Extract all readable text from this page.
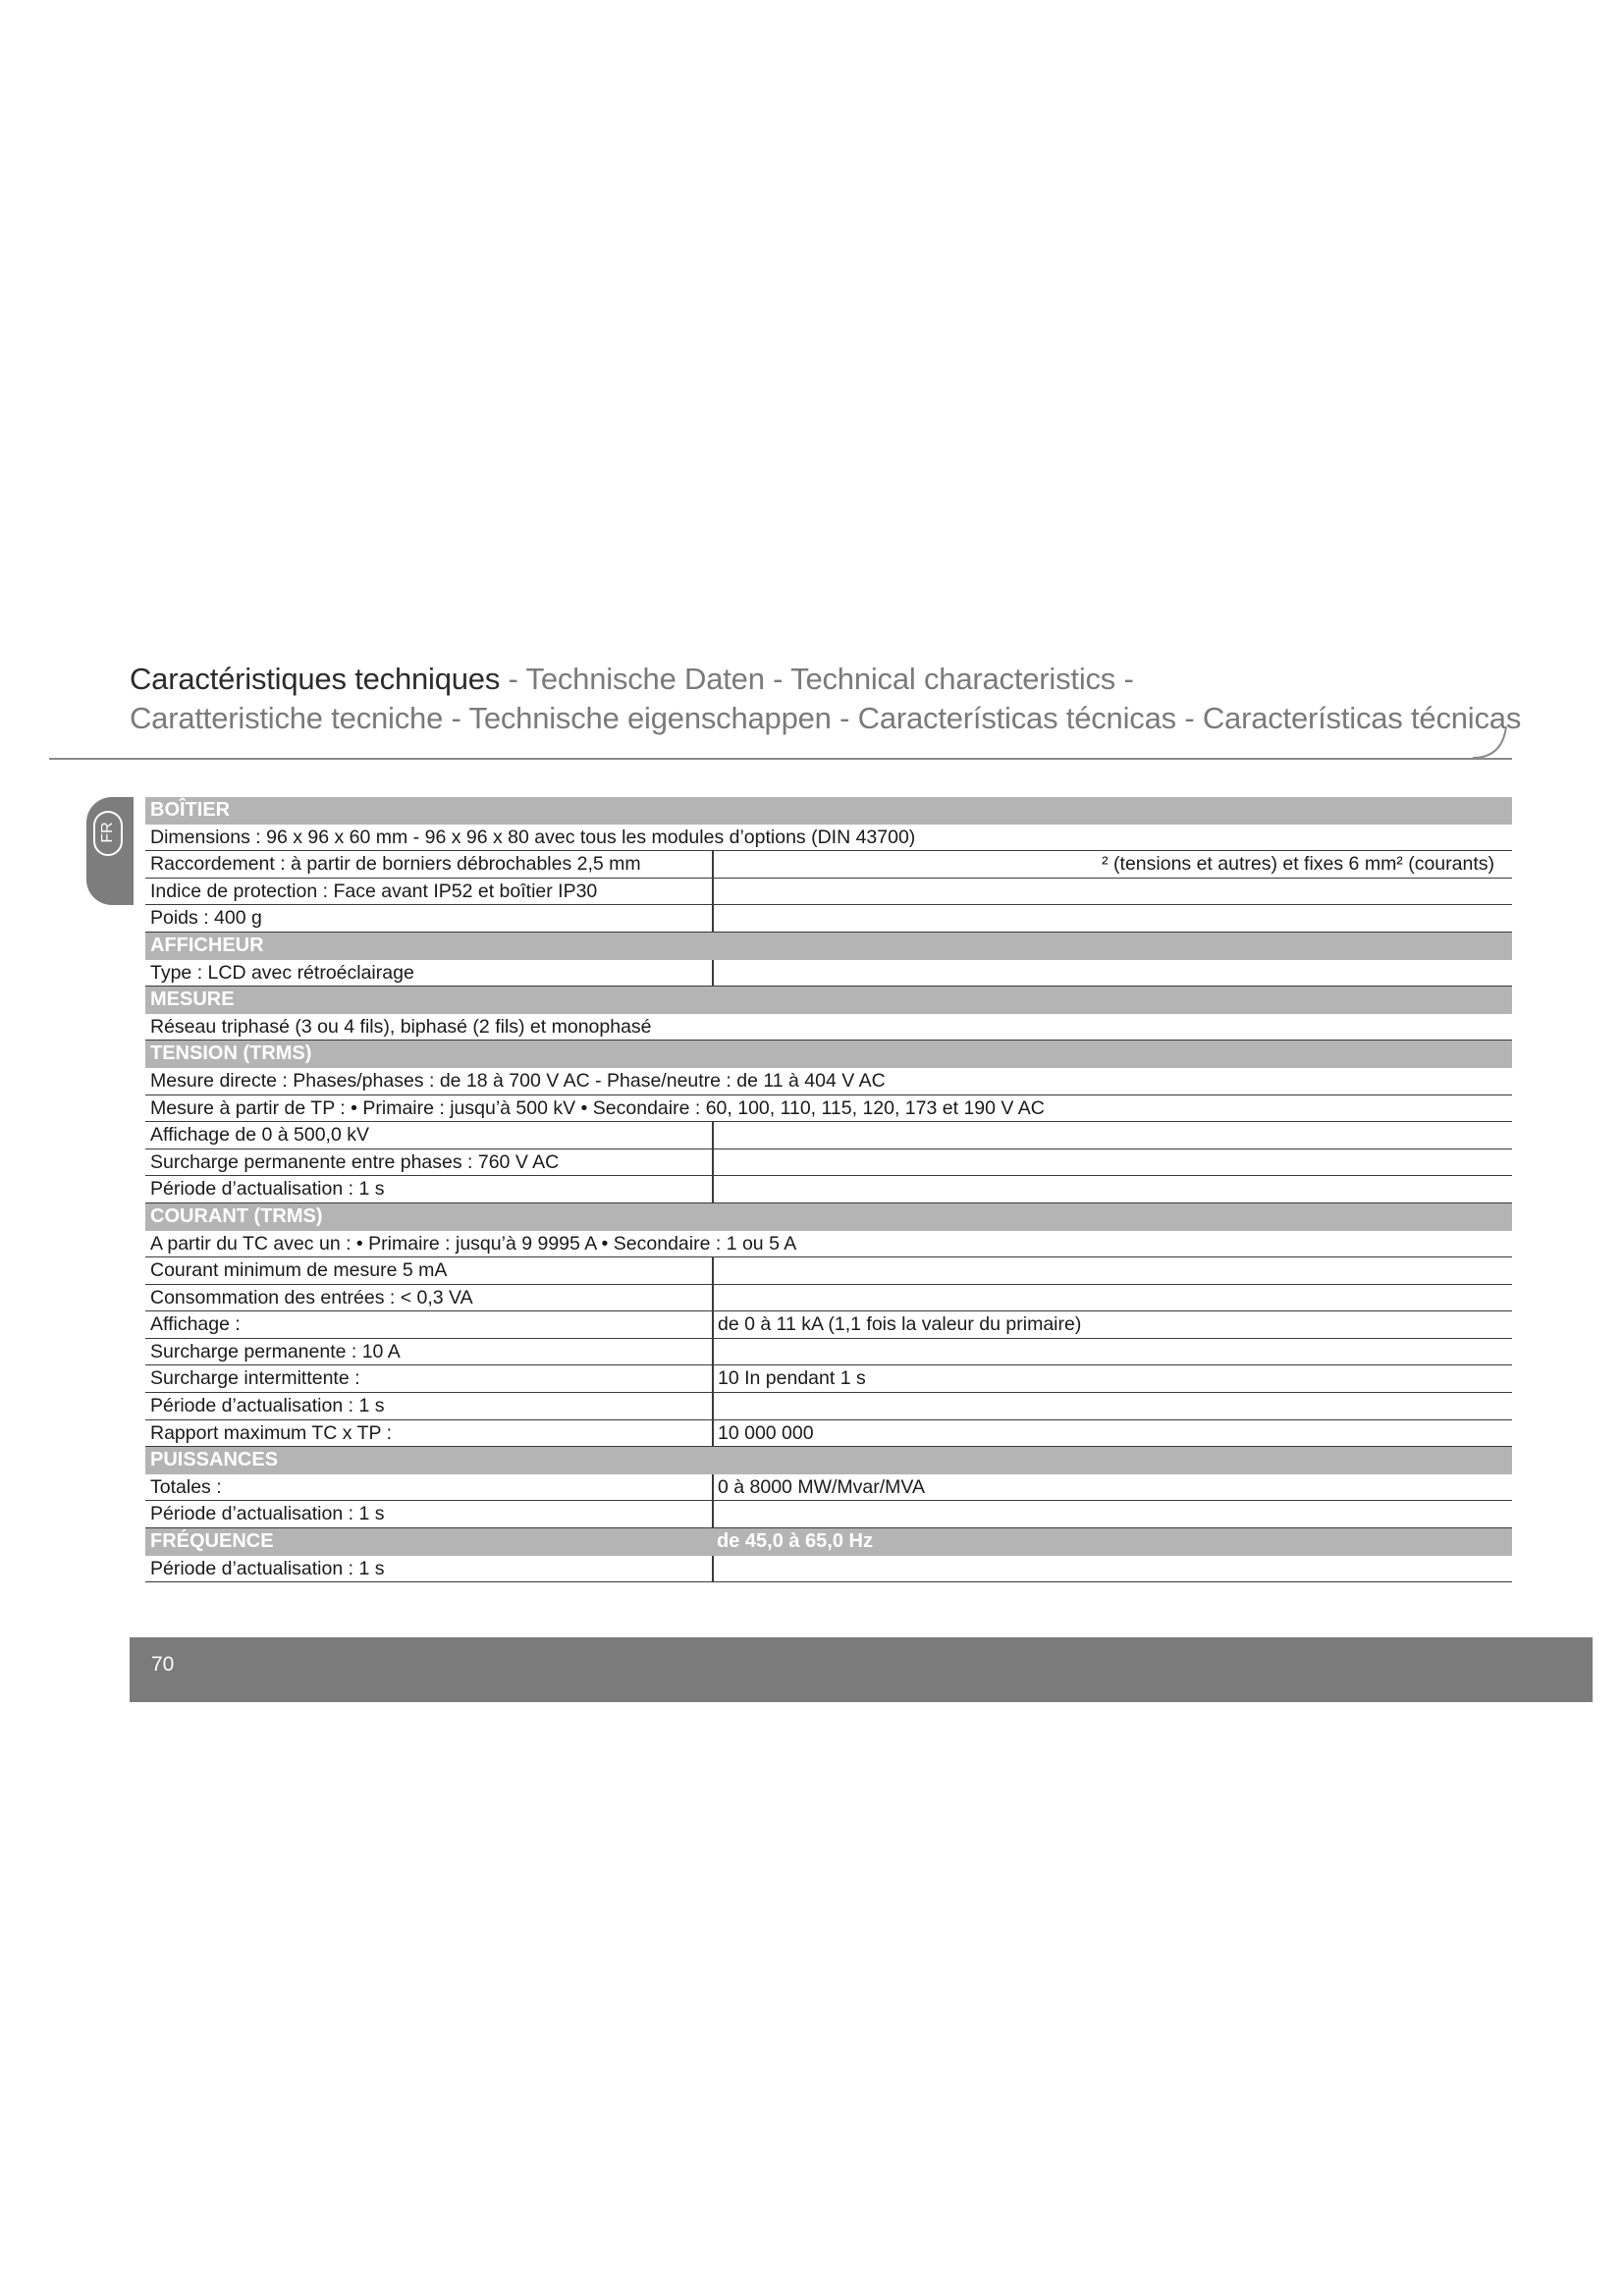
Caractéristiques techniques - Technische Daten - Technical characteristics -
Caratteristiche tecniche - Technische eigenschappen - Características técnicas - Características técnicas
FR
BOÎTIER
Dimensions : 96 x 96 x 60 mm - 96 x 96 x 80 avec tous les modules d’options (DIN 43700)
Raccordement : à partir de borniers débrochables 2,5 mm	² (tensions et autres) et fixes 6 mm² (courants)
Indice de protection : Face avant IP52 et boîtier IP30
Poids : 400 g
AFFICHEUR
Type : LCD avec rétroéclairage
MESURE
Réseau triphasé (3 ou 4 fils), biphasé (2 fils) et monophasé
TENSION (TRMS)
Mesure directe : Phases/phases : de 18 à 700 V AC - Phase/neutre : de 11 à 404 V AC
Mesure à partir de TP : • Primaire : jusqu’à 500 kV • Secondaire : 60, 100, 110, 115, 120, 173 et 190 V AC
Affichage de 0 à 500,0 kV
Surcharge permanente entre phases : 760 V AC
Période d’actualisation : 1 s
COURANT (TRMS)
A partir du TC avec un : • Primaire : jusqu’à 9 9995 A • Secondaire : 1 ou 5 A
Courant minimum de mesure 5 mA
Consommation des entrées : < 0,3 VA
Affichage :	de 0 à 11 kA (1,1 fois la valeur du primaire)
Surcharge permanente : 10 A
Surcharge intermittente :	10 In pendant 1 s
Période d’actualisation : 1 s
Rapport maximum TC x TP :	10 000 000
PUISSANCES
Totales :	0 à 8000 MW/Mvar/MVA
Période d’actualisation : 1 s
FRÉQUENCE	de 45,0 à 65,0 Hz
Période d’actualisation : 1 s
70
